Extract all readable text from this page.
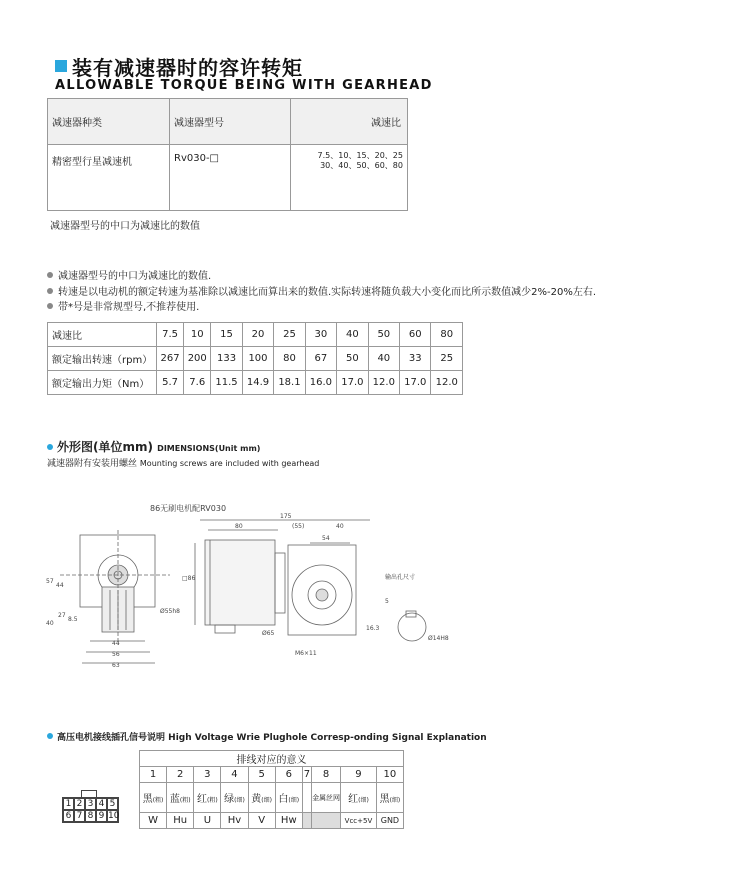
装有减速器时的容许转矩
ALLOWABLE TORQUE BEING WITH GEARHEAD
减速器种类	减速器型号	减速比
精密型行星减速机	Rv030-□	7.5、10、15、20、25
30、40、50、60、80
减速器型号的中口为减速比的数值
减速器型号的中口为减速比的数值.
转速是以电动机的额定转速为基准除以减速比而算出来的数值.实际转速将随负载大小变化而比所示数值减少2%-20%左右.
带*号是非常规型号,不推荐使用.
减速比	7.5	10	15	20	25	30	40	50	60	80
额定输出转速（rpm）	267	200	133	100	80	67	50	40	33	25
额定输出力矩（Nm）	5.7	7.6	11.5	14.9	18.1	16.0	17.0	12.0	17.0	12.0
外形图(单位mm) DIMENSIONS(Unit mm)
减速器附有安装用螺丝 Mounting screws are included with gearhead
86无刷电机配RV030
57
44
40
27
8.5
44
56
63
175
80	(55)	40
54
□86
Ø55h8
Ø65
M6×11
输出孔尺寸
5
16.3
Ø14H8
高压电机接线插孔信号说明 High Voltage Wrie Plughole Corresp-onding Signal Explanation
1 2 3 4 5
6 7 8 9 10
排线对应的意义									
1	2	3	4	5	6	7	8	9	10
黑(粗)	蓝(粗)	红(粗)	绿(细)	黄(细)	白(细)		金属丝网	红(细)	黑(细)
W	Hu	U	Hv	V	Hw			Vcc+5V	GND
